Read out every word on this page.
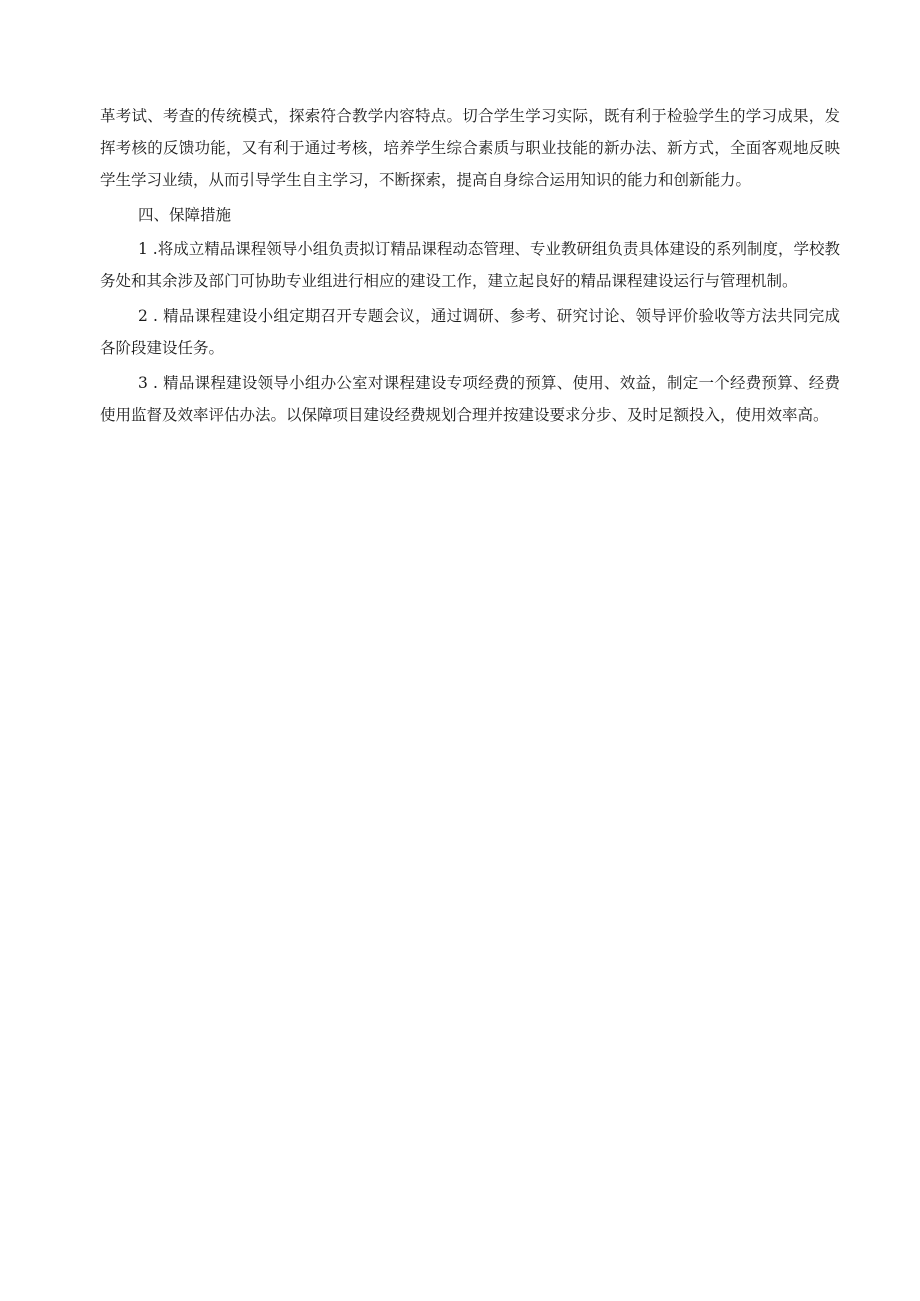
革考试、考查的传统模式，探索符合教学内容特点。切合学生学习实际，既有利于检验学生的学习成果，发挥考核的反馈功能，又有利于通过考核，培养学生综合素质与职业技能的新办法、新方式，全面客观地反映学生学习业绩，从而引导学生自主学习，不断探索，提高自身综合运用知识的能力和创新能力。

四、保障措施

1 .将成立精品课程领导小组负责拟订精品课程动态管理、专业教研组负责具体建设的系列制度，学校教务处和其余涉及部门可协助专业组进行相应的建设工作，建立起良好的精品课程建设运行与管理机制。

2 . 精品课程建设小组定期召开专题会议，通过调研、参考、研究讨论、领导评价验收等方法共同完成各阶段建设任务。

3 . 精品课程建设领导小组办公室对课程建设专项经费的预算、使用、效益，制定一个经费预算、经费使用监督及效率评估办法。以保障项目建设经费规划合理并按建设要求分步、及时足额投入，使用效率高。
